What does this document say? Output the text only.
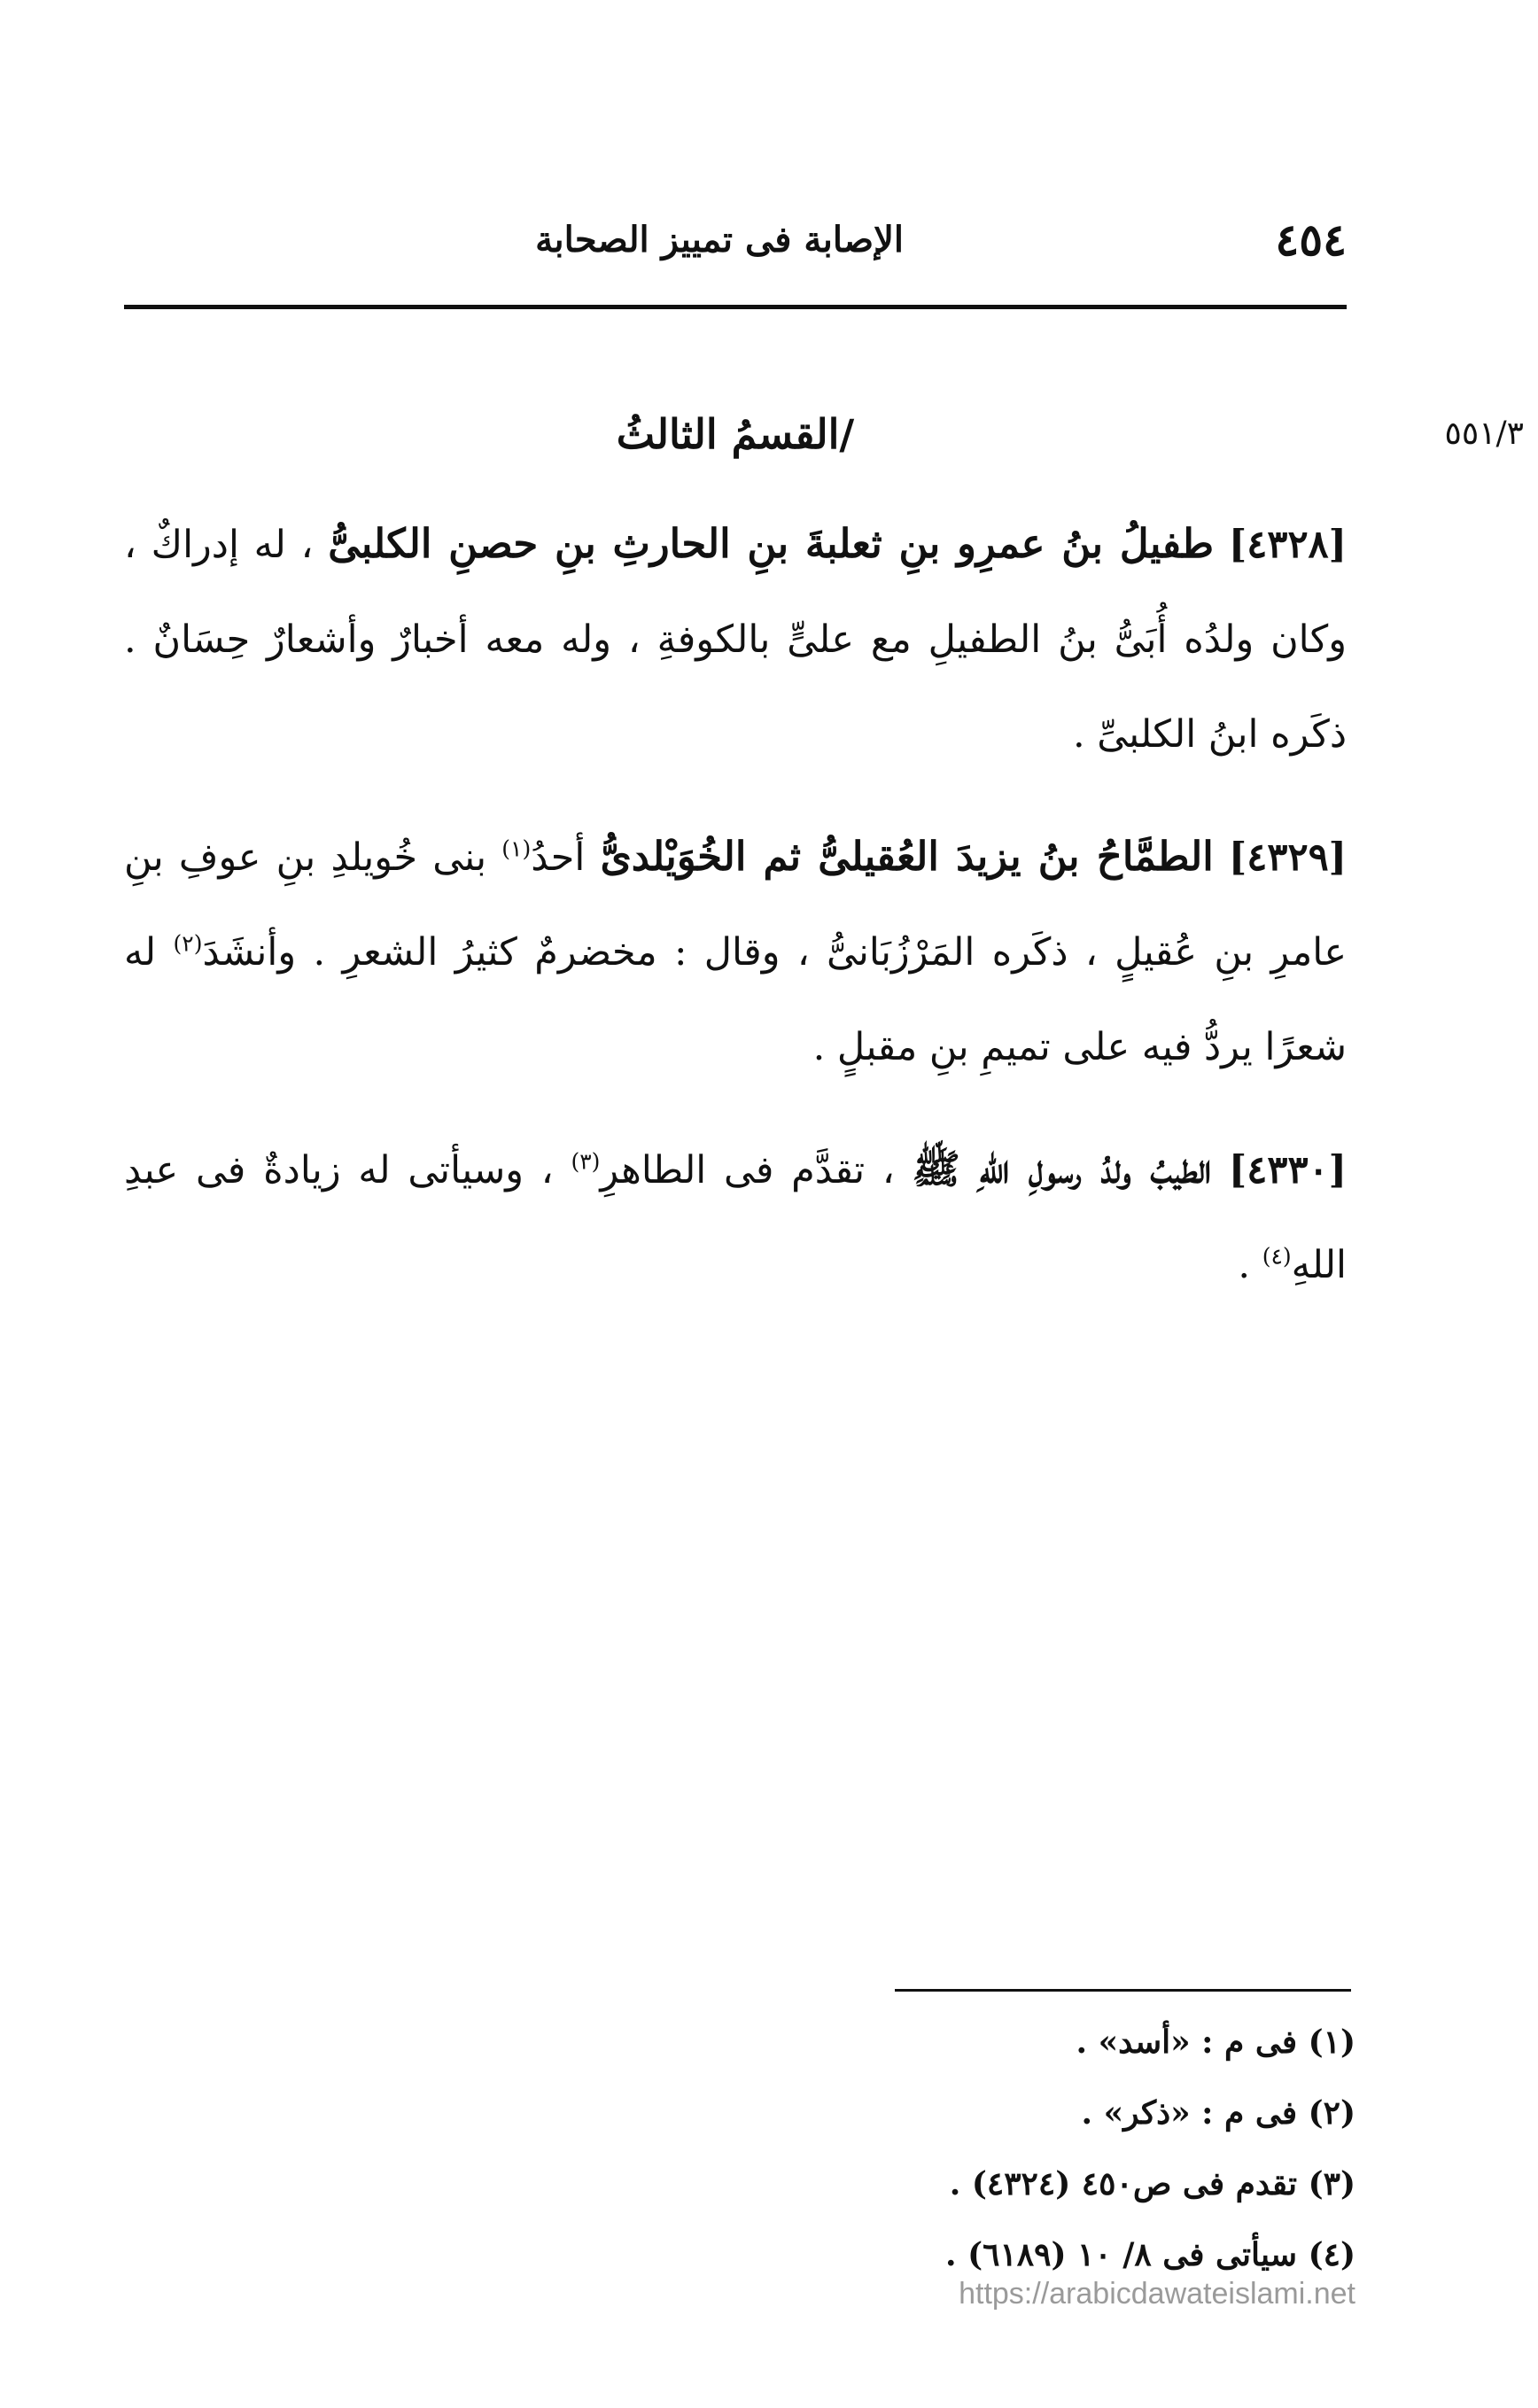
٤٥٤
الإصابة فى تمييز الصحابة
٥٥١/٣
/القسمُ الثالثُ

[٤٣٢٨] طفيلُ بنُ عمرِو بنِ ثعلبةَ بنِ الحارثِ بنِ حصنِ الكلبىُّ ، له إدراكٌ ، وكان ولدُه أُبَىُّ بنُ الطفيلِ مع علىٍّ بالكوفةِ ، وله معه أخبارٌ وأشعارٌ حِسَانٌ . ذكَره ابنُ الكلبىِّ .

[٤٣٢٩] الطمَّاحُ بنُ يزيدَ العُقيلىُّ ثم الخُوَيْلدىُّ أحدُ$^{(١)}$ بنى خُويلدِ بنِ عوفِ بنِ عامرِ بنِ عُقيلٍ ، ذكَره المَرْزُبَانىُّ ، وقال : مخضرمٌ كثيرُ الشعرِ . وأنشَدَ$^{(٢)}$ له شعرًا يردُّ فيه على تميمِ بنِ مقبلٍ .

[٤٣٣٠] الطيبُ ولدُ رسولِ اللهِ ﷺ ، تقدَّم فى الطاهرِ$^{(٣)}$ ، وسيأتى له زيادةٌ فى عبدِ اللهِ$^{(٤)}$ .

(١) فى م : «أسد» .
(٢) فى م : «ذكر» .
(٣) تقدم فى ص٤٥٠ (٤٣٢٤) .
(٤) سيأتى فى ٨/ ١٠ (٦١٨٩) .
https://arabicdawateislami.net
